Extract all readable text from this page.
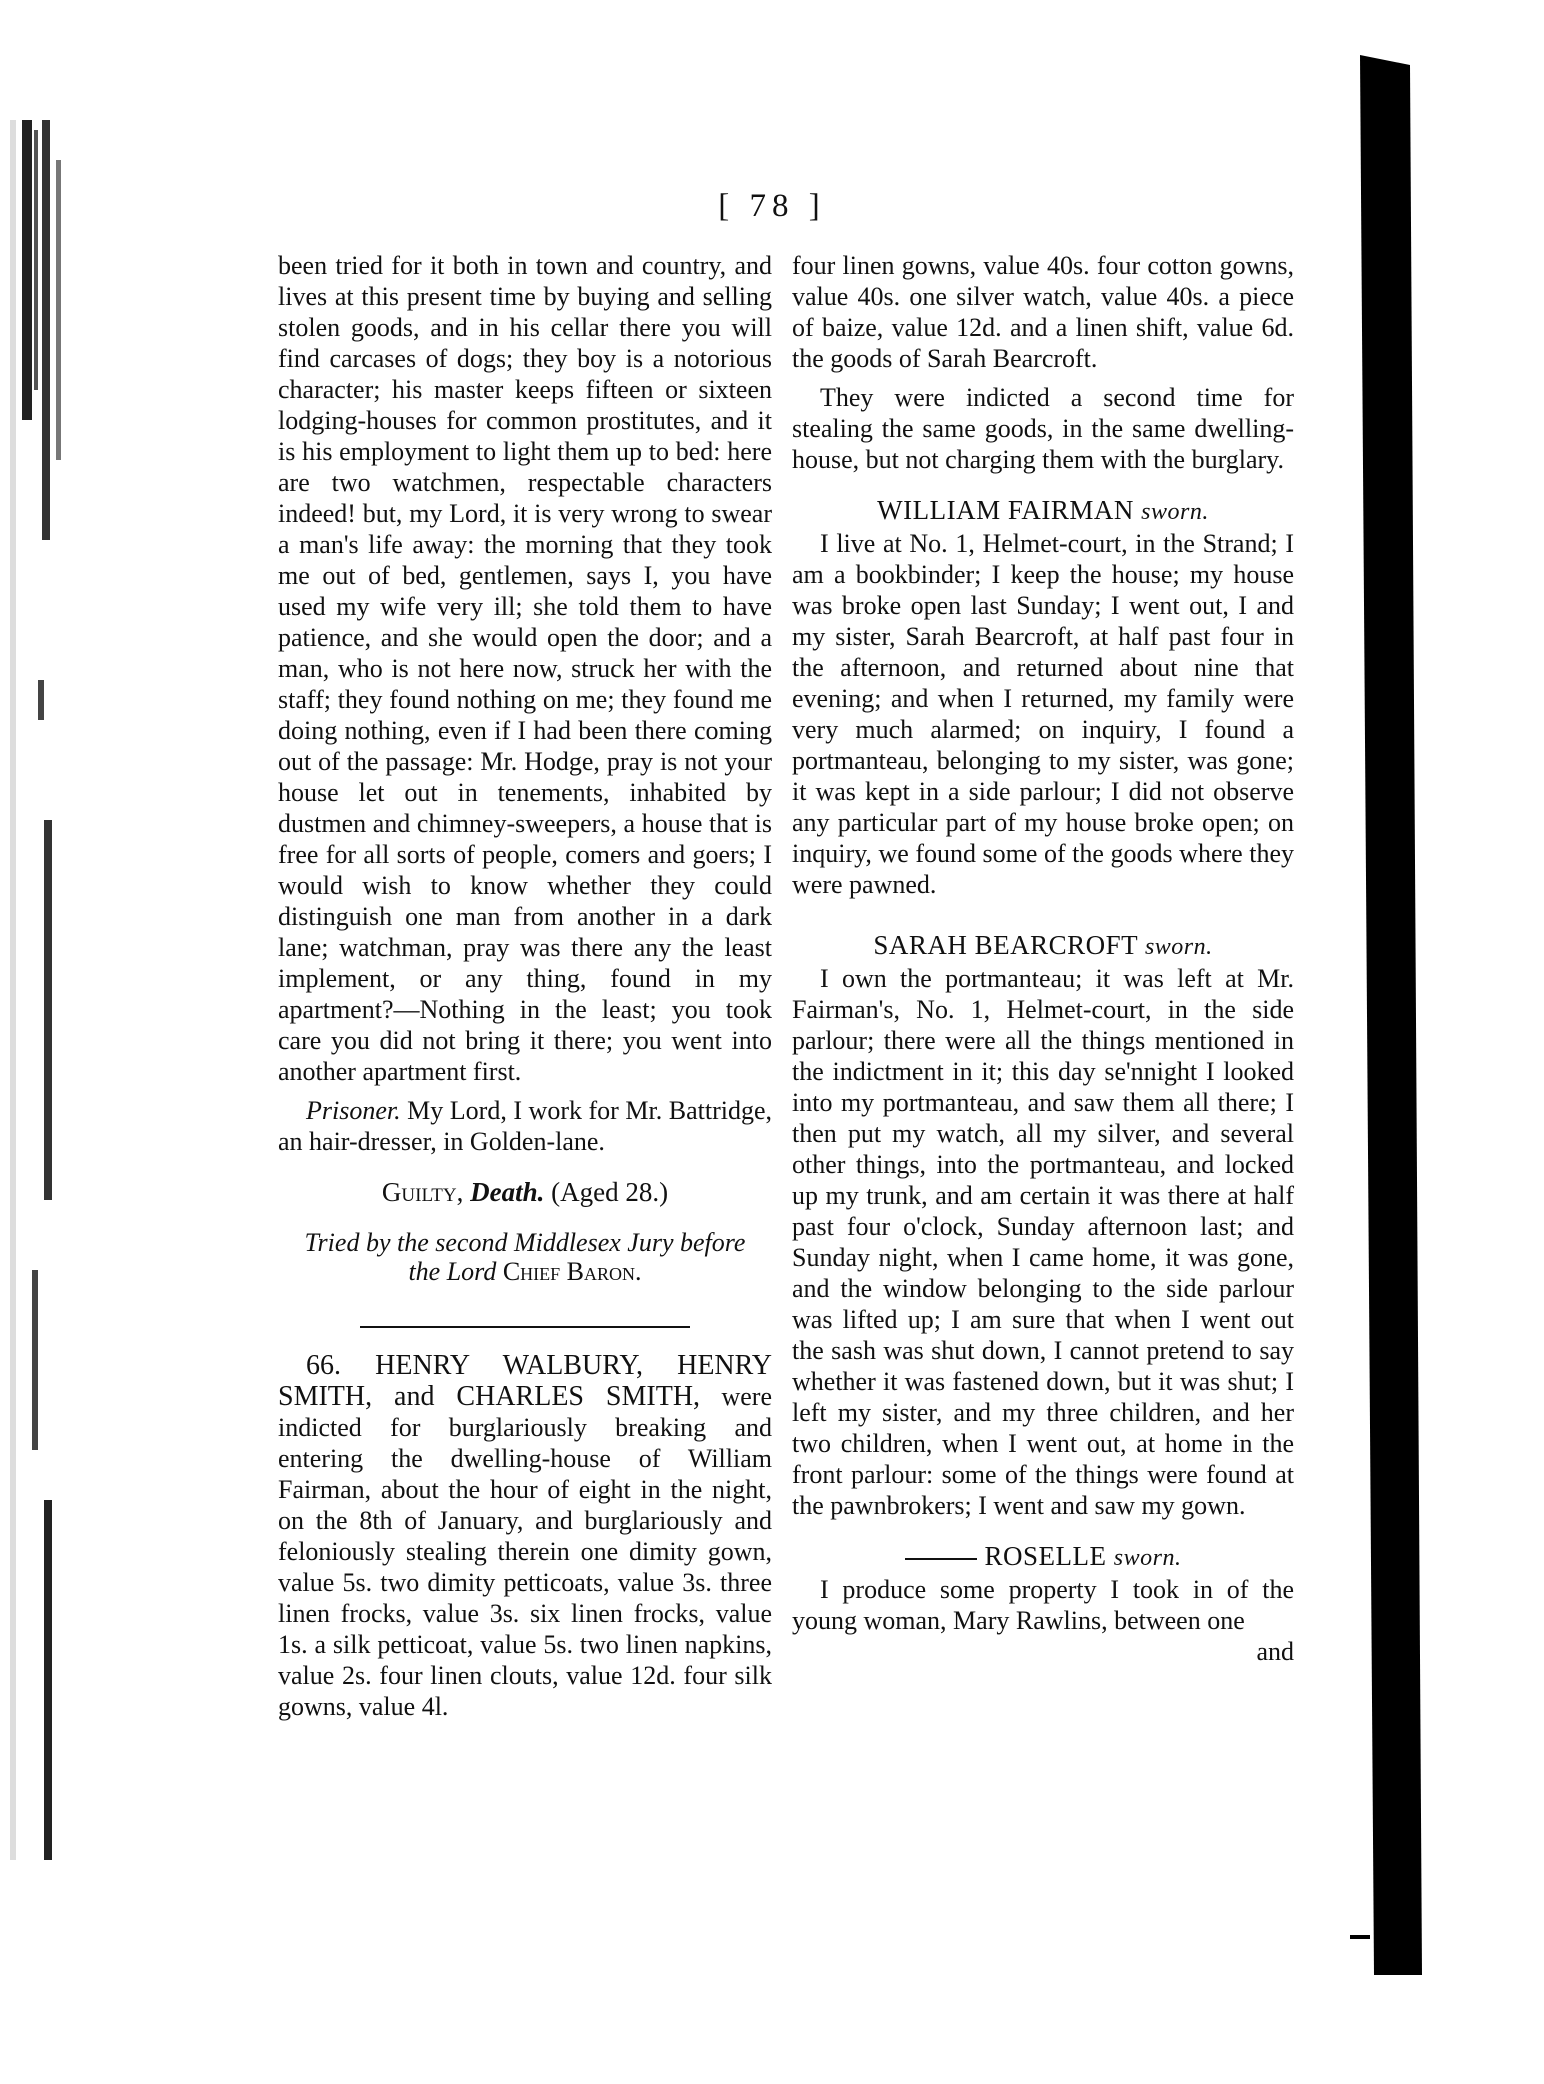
[ 78 ]

been tried for it both in town and country, and lives at this present time by buying and selling stolen goods, and in his cellar there you will find carcases of dogs; they boy is a notorious character; his master keeps fifteen or sixteen lodging-houses for common prostitutes, and it is his employment to light them up to bed: here are two watchmen, respectable characters indeed! but, my Lord, it is very wrong to swear a man's life away: the morning that they took me out of bed, gentlemen, says I, you have used my wife very ill; she told them to have patience, and she would open the door; and a man, who is not here now, struck her with the staff; they found nothing on me; they found me doing nothing, even if I had been there coming out of the passage: Mr. Hodge, pray is not your house let out in tenements, inhabited by dustmen and chimney-sweepers, a house that is free for all sorts of people, comers and goers; I would wish to know whether they could distinguish one man from another in a dark lane; watchman, pray was there any the least implement, or any thing, found in my apartment?—Nothing in the least; you took care you did not bring it there; you went into another apartment first.

Prisoner. My Lord, I work for Mr. Battridge, an hair-dresser, in Golden-lane.

Guilty, Death. (Aged 28.)

Tried by the second Middlesex Jury before
the Lord Chief Baron.

66. HENRY WALBURY, HENRY SMITH, and CHARLES SMITH, were indicted for burglariously breaking and entering the dwelling-house of William Fairman, about the hour of eight in the night, on the 8th of January, and burglariously and feloniously stealing therein one dimity gown, value 5s. two dimity petticoats, value 3s. three linen frocks, value 3s. six linen frocks, value 1s. a silk petticoat, value 5s. two linen napkins, value 2s. four linen clouts, value 12d. four silk gowns, value 4l.

four linen gowns, value 40s. four cotton gowns, value 40s. one silver watch, value 40s. a piece of baize, value 12d. and a linen shift, value 6d. the goods of Sarah Bearcroft.

They were indicted a second time for stealing the same goods, in the same dwelling-house, but not charging them with the burglary.

WILLIAM FAIRMAN sworn.

I live at No. 1, Helmet-court, in the Strand; I am a bookbinder; I keep the house; my house was broke open last Sunday; I went out, I and my sister, Sarah Bearcroft, at half past four in the afternoon, and returned about nine that evening; and when I returned, my family were very much alarmed; on inquiry, I found a portmanteau, belonging to my sister, was gone; it was kept in a side parlour; I did not observe any particular part of my house broke open; on inquiry, we found some of the goods where they were pawned.

SARAH BEARCROFT sworn.

I own the portmanteau; it was left at Mr. Fairman's, No. 1, Helmet-court, in the side parlour; there were all the things mentioned in the indictment in it; this day se'nnight I looked into my portmanteau, and saw them all there; I then put my watch, all my silver, and several other things, into the portmanteau, and locked up my trunk, and am certain it was there at half past four o'clock, Sunday afternoon last; and Sunday night, when I came home, it was gone, and the window belonging to the side parlour was lifted up; I am sure that when I went out the sash was shut down, I cannot pretend to say whether it was fastened down, but it was shut; I left my sister, and my three children, and her two children, when I went out, at home in the front parlour: some of the things were found at the pawnbrokers; I went and saw my gown.

ROSELLE sworn.

I produce some property I took in of the young woman, Mary Rawlins, between one

and
